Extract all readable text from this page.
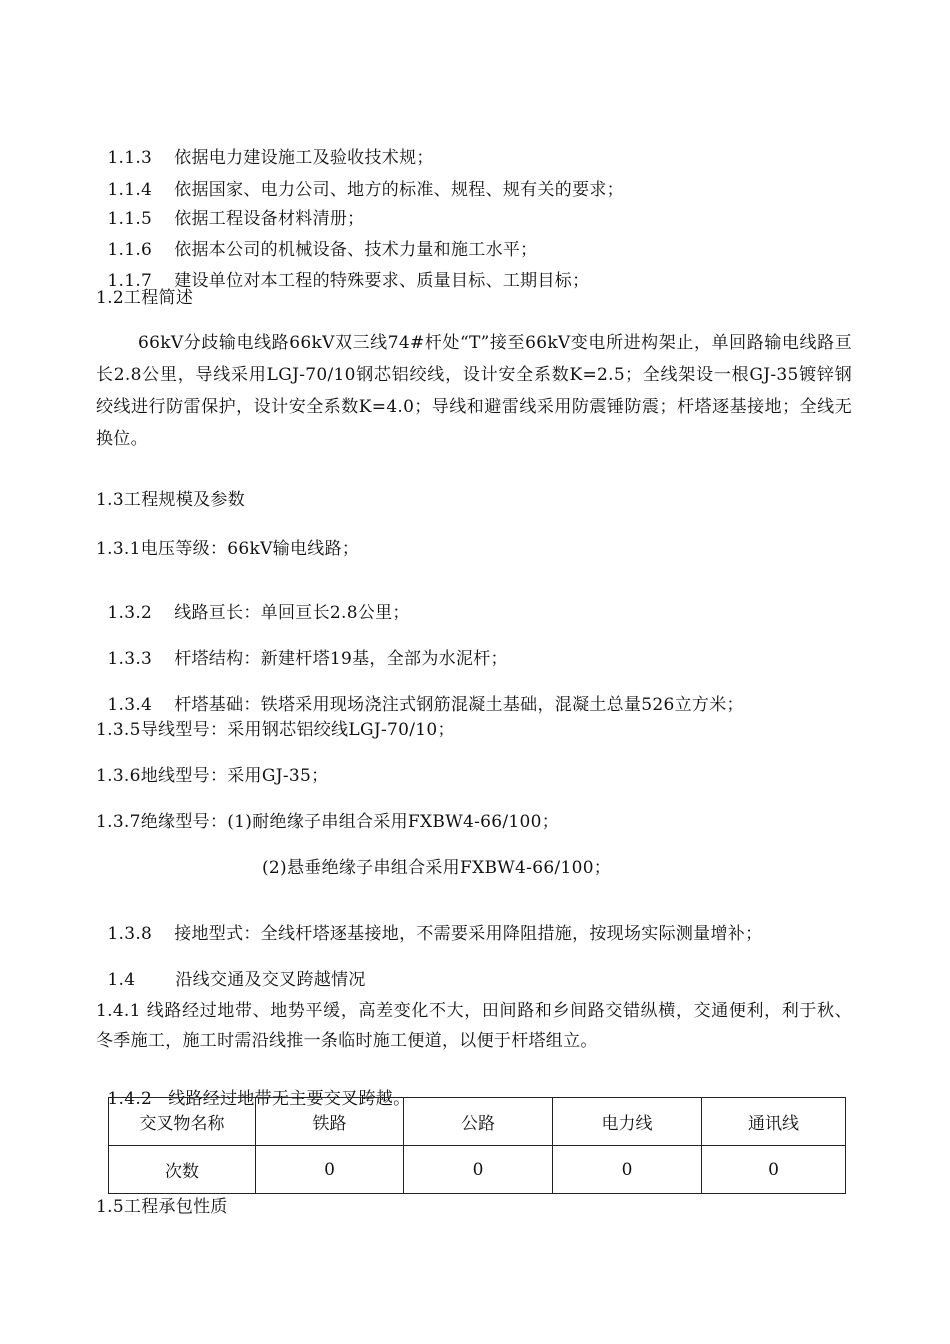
1.1.3 依据电力建设施工及验收技术规；

1.1.4 依据国家、电力公司、地方的标准、规程、规有关的要求；

1.1.5 依据工程设备材料清册；

1.1.6 依据本公司的机械设备、技术力量和施工水平；

1.1.7 建设单位对本工程的特殊要求、质量目标、工期目标；

1.2工程简述
66kV分歧输电线路66kV双三线74#杆处“T”接至66kV变电所进构架止，单回路输电线路亘长2.8公里，导线采用LGJ-70/10钢芯铝绞线，设计安全系数K=2.5；全线架设一根GJ-35镀锌钢绞线进行防雷保护，设计安全系数K=4.0；导线和避雷线采用防震锤防震；杆塔逐基接地；全线无换位。
1.3工程规模及参数
1.3.1电压等级：66kV输电线路；

1.3.2 线路亘长：单回亘长2.8公里；

1.3.3 杆塔结构：新建杆塔19基，全部为水泥杆；

1.3.4 杆塔基础：铁塔采用现场浇注式钢筋混凝土基础，混凝土总量526立方米；

1.3.5导线型号：采用钢芯铝绞线LGJ-70/10；
1.3.6地线型号：采用GJ-35；
1.3.7绝缘型号：(1)耐绝缘子串组合采用FXBW4-66/100；
(2)悬垂绝缘子串组合采用FXBW4-66/100；

1.3.8 接地型式：全线杆塔逐基接地，不需要采用降阻措施，按现场实际测量增补；

1.4 沿线交通及交叉跨越情况

1.4.1 线路经过地带、地势平缓，高差变化不大，田间路和乡间路交错纵横，交通便利，利于秋、冬季施工，施工时需沿线推一条临时施工便道，以便于杆塔组立。

1.4.2 线路经过地带无主要交叉跨越。

交叉物名称	铁路	公路	电力线	通讯线
次数	0	0	0	0
1.5工程承包性质
